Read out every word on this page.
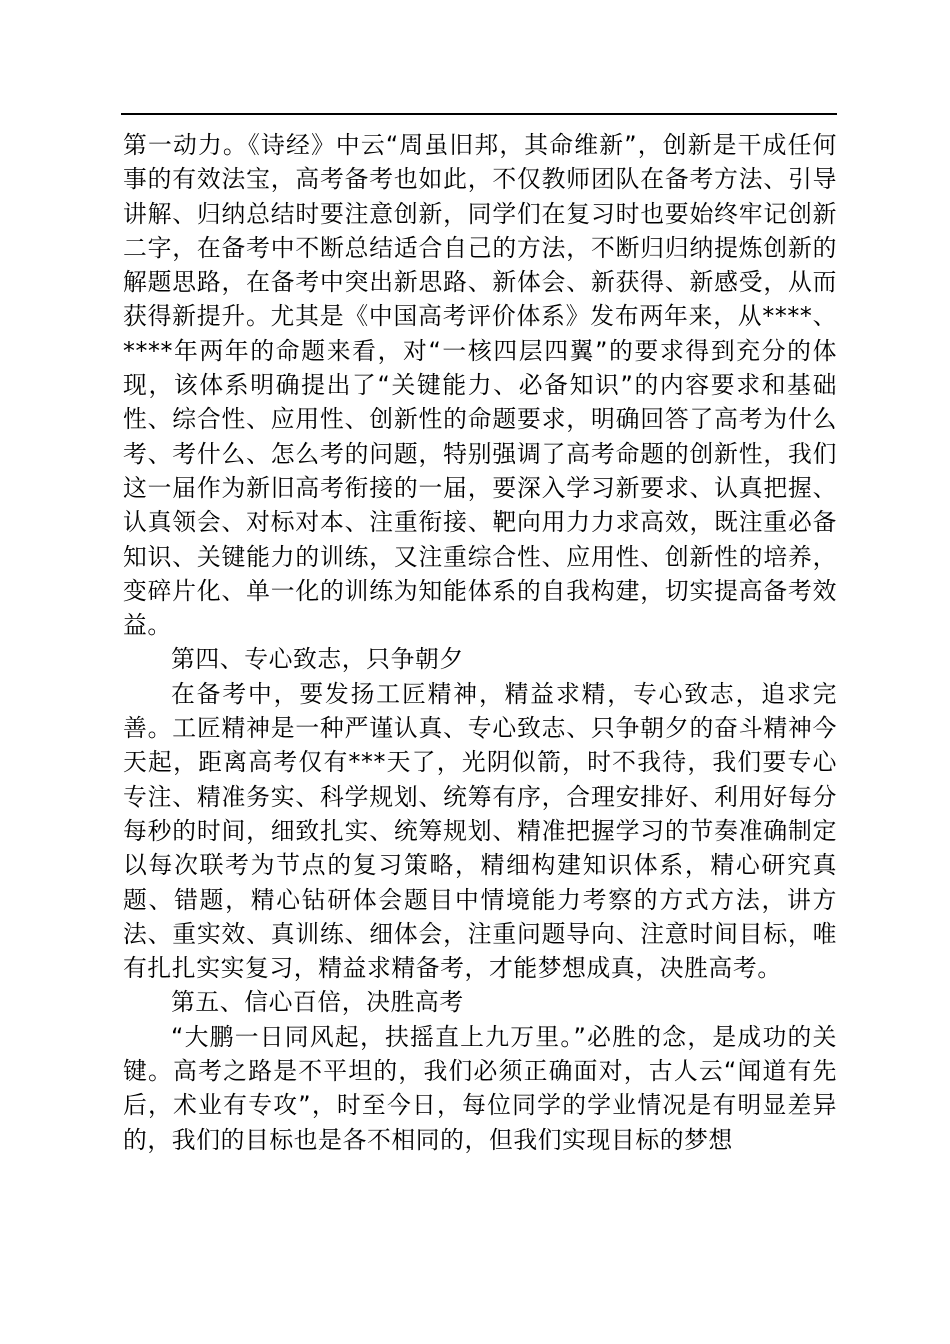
第一动力。《诗经》中云“周虽旧邦，其命维新”，创新是干成任何事的有效法宝，高考备考也如此，不仅教师团队在备考方法、引导讲解、归纳总结时要注意创新，同学们在复习时也要始终牢记创新二字，在备考中不断总结适合自己的方法，不断归归纳提炼创新的解题思路，在备考中突出新思路、新体会、新获得、新感受，从而获得新提升。尤其是《中国高考评价体系》发布两年来，从****、****年两年的命题来看，对“一核四层四翼”的要求得到充分的体现，该体系明确提出了“关键能力、必备知识”的内容要求和基础性、综合性、应用性、创新性的命题要求，明确回答了高考为什么考、考什么、怎么考的问题，特别强调了高考命题的创新性，我们这一届作为新旧高考衔接的一届，要深入学习新要求、认真把握、认真领会、对标对本、注重衔接、靶向用力力求高效，既注重必备知识、关键能力的训练，又注重综合性、应用性、创新性的培养，变碎片化、单一化的训练为知能体系的自我构建，切实提高备考效益。

第四、专心致志，只争朝夕

在备考中，要发扬工匠精神，精益求精，专心致志，追求完善。工匠精神是一种严谨认真、专心致志、只争朝夕的奋斗精神今天起，距离高考仅有***天了，光阴似箭，时不我待，我们要专心专注、精准务实、科学规划、统筹有序，合理安排好、利用好每分每秒的时间，细致扎实、统筹规划、精准把握学习的节奏准确制定以每次联考为节点的复习策略，精细构建知识体系，精心研究真题、错题，精心钻研体会题目中情境能力考察的方式方法，讲方法、重实效、真训练、细体会，注重问题导向、注意时间目标，唯有扎扎实实复习，精益求精备考，才能梦想成真，决胜高考。

第五、信心百倍，决胜高考

“大鹏一日同风起，扶摇直上九万里。”必胜的念，是成功的关键。高考之路是不平坦的，我们必须正确面对，古人云“闻道有先后，术业有专攻”，时至今日，每位同学的学业情况是有明显差异的，我们的目标也是各不相同的，但我们实现目标的梦想
